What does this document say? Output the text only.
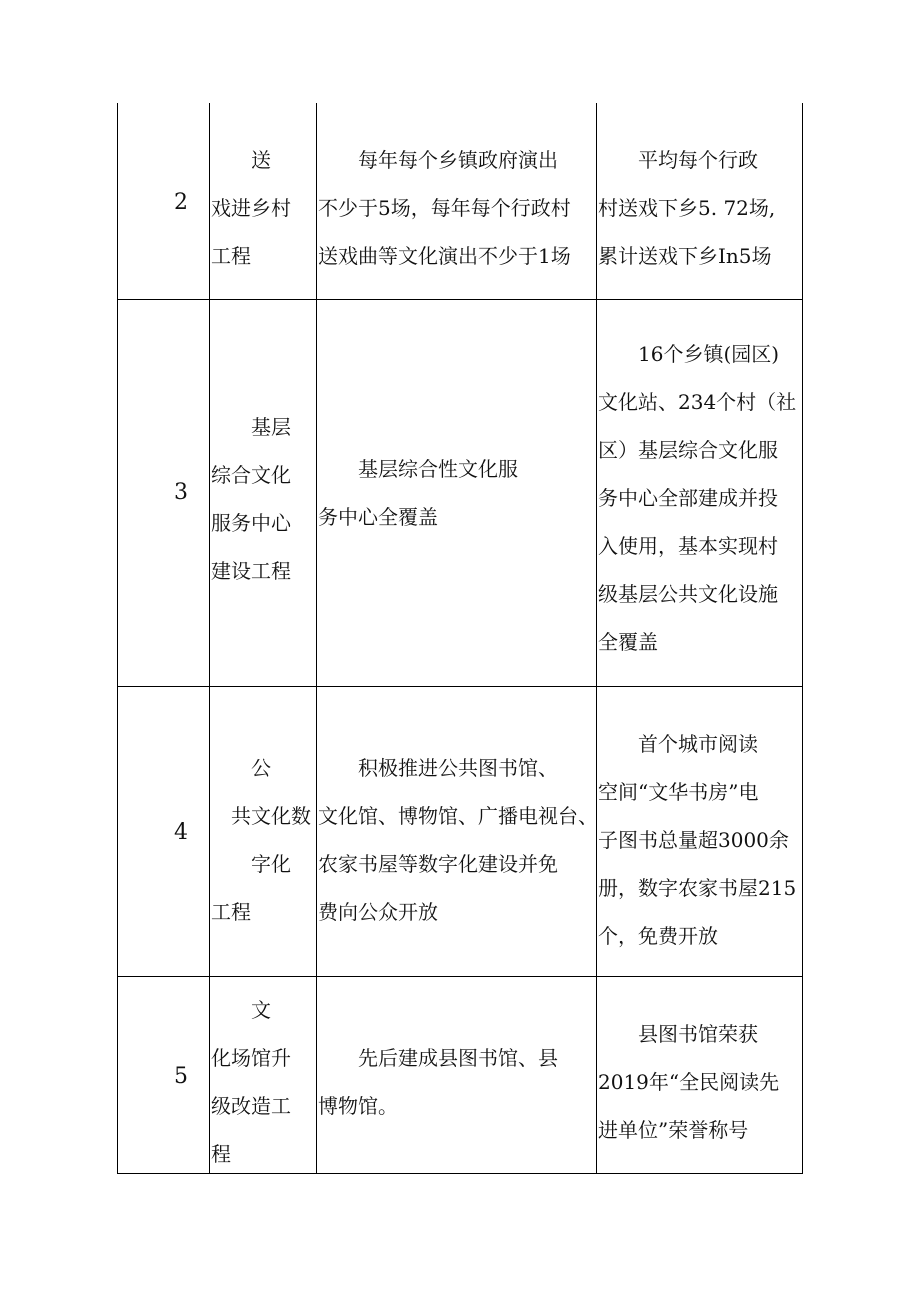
2
　　送
戏进乡村
工程
　　每年每个乡镇政府演出
不少于5场，每年每个行政村
送戏曲等文化演出不少于1场
　　平均每个行政
村送戏下乡5. 72场,
累计送戏下乡In5场
3
　　基层
综合文化
服务中心
建设工程
　　基层综合性文化服
务中心全覆盖
　　16个乡镇(园区)
文化站、234个村（社
区）基层综合文化服
务中心全部建成并投
入使用，基本实现村
级基层公共文化设施
全覆盖
4
　　公
　共文化数
　　字化
工程
　　积极推进公共图书馆、
文化馆、博物馆、广播电视台、
农家书屋等数字化建设并免
费向公众开放
　　首个城市阅读
空间“文华书房”电
子图书总量超3000余
册，数字农家书屋215
个，免费开放
5
　　文
化场馆升
级改造工
程
　　先后建成县图书馆、县
博物馆。
　　县图书馆荣获
2019年“全民阅读先
进单位”荣誉称号
